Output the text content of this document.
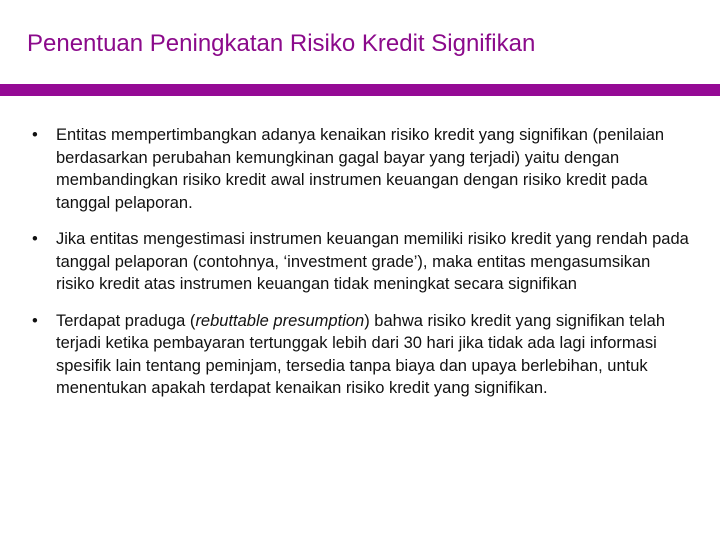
Penentuan Peningkatan Risiko Kredit Signifikan
•	Entitas mempertimbangkan adanya kenaikan risiko kredit yang signifikan (penilaian berdasarkan perubahan kemungkinan gagal bayar yang terjadi) yaitu dengan membandingkan risiko kredit awal instrumen keuangan dengan risiko kredit pada tanggal pelaporan.
•	Jika entitas mengestimasi instrumen keuangan memiliki risiko kredit yang rendah pada tanggal pelaporan (contohnya, ‘investment grade’), maka entitas mengasumsikan risiko kredit atas instrumen keuangan tidak meningkat secara signifikan
•	Terdapat praduga (rebuttable presumption) bahwa risiko kredit yang signifikan telah terjadi ketika pembayaran tertunggak lebih dari 30 hari jika tidak ada lagi informasi spesifik lain tentang peminjam, tersedia tanpa biaya dan upaya berlebihan, untuk menentukan apakah terdapat kenaikan risiko kredit yang signifikan.
